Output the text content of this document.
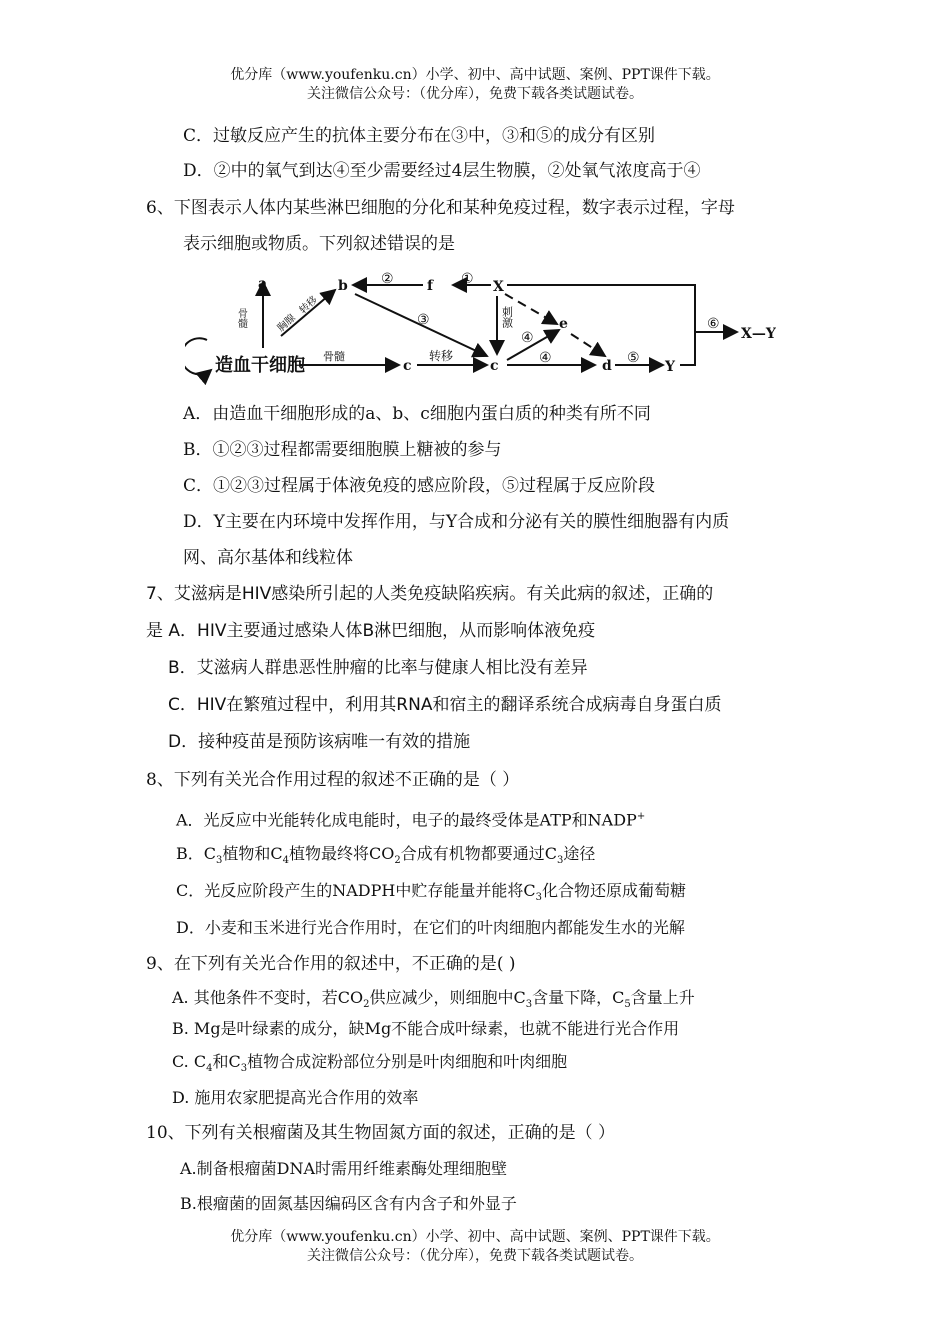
优分库（www.youfenku.cn）小学、初中、高中试题、案例、PPT课件下载。
关注微信公众号：（优分库），免费下载各类试题试卷。
C．过敏反应产生的抗体主要分布在③中，③和⑤的成分有区别
D．②中的氧气到达④至少需要经过4层生物膜，②处氧气浓度高于④
6、下图表示人体内某些淋巴细胞的分化和某种免疫过程，数字表示过程，字母
表示细胞或物质。下列叙述错误的是
造血干细胞
a	b	f	X
e
c	c	d	Y
X—Y
①
②
③
④
④	⑤
⑥
骨髓	转移
骨髓	刺激
胸腺
转移
A．由造血干细胞形成的a、b、c细胞内蛋白质的种类有所不同
B．①②③过程都需要细胞膜上糖被的参与
C．①②③过程属于体液免疫的感应阶段，⑤过程属于反应阶段
D．Y主要在内环境中发挥作用，与Y合成和分泌有关的膜性细胞器有内质
网、高尔基体和线粒体
7、艾滋病是HIV感染所引起的人类免疫缺陷疾病。有关此病的叙述，正确的
是 A．HIV主要通过感染人体B淋巴细胞，从而影响体液免疫
B．艾滋病人群患恶性肿瘤的比率与健康人相比没有差异
C．HIV在繁殖过程中，利用其RNA和宿主的翻译系统合成病毒自身蛋白质
D．接种疫苗是预防该病唯一有效的措施
8、下列有关光合作用过程的叙述不正确的是（ ）
A．光反应中光能转化成电能时，电子的最终受体是ATP和NADP+
B．$C_3$植物和$C_4$植物最终将$CO_2$合成有机物都要通过$C_3$途径
C．光反应阶段产生的NADPH中贮存能量并能将$C_3$化合物还原成葡萄糖
D．小麦和玉米进行光合作用时，在它们的叶肉细胞内都能发生水的光解
9、在下列有关光合作用的叙述中，不正确的是( )
A. 其他条件不变时，若$CO_2$供应减少，则细胞中$C_3$含量下降，$C_5$含量上升
B. Mg是叶绿素的成分，缺Mg不能合成叶绿素，也就不能进行光合作用
C. $C_4$和$C_3$植物合成淀粉部位分别是叶肉细胞和叶肉细胞
D. 施用农家肥提高光合作用的效率
10、下列有关根瘤菌及其生物固氮方面的叙述，正确的是（ ）
A.制备根瘤菌DNA时需用纤维素酶处理细胞壁
B.根瘤菌的固氮基因编码区含有内含子和外显子
优分库（www.youfenku.cn）小学、初中、高中试题、案例、PPT课件下载。
关注微信公众号：（优分库），免费下载各类试题试卷。
